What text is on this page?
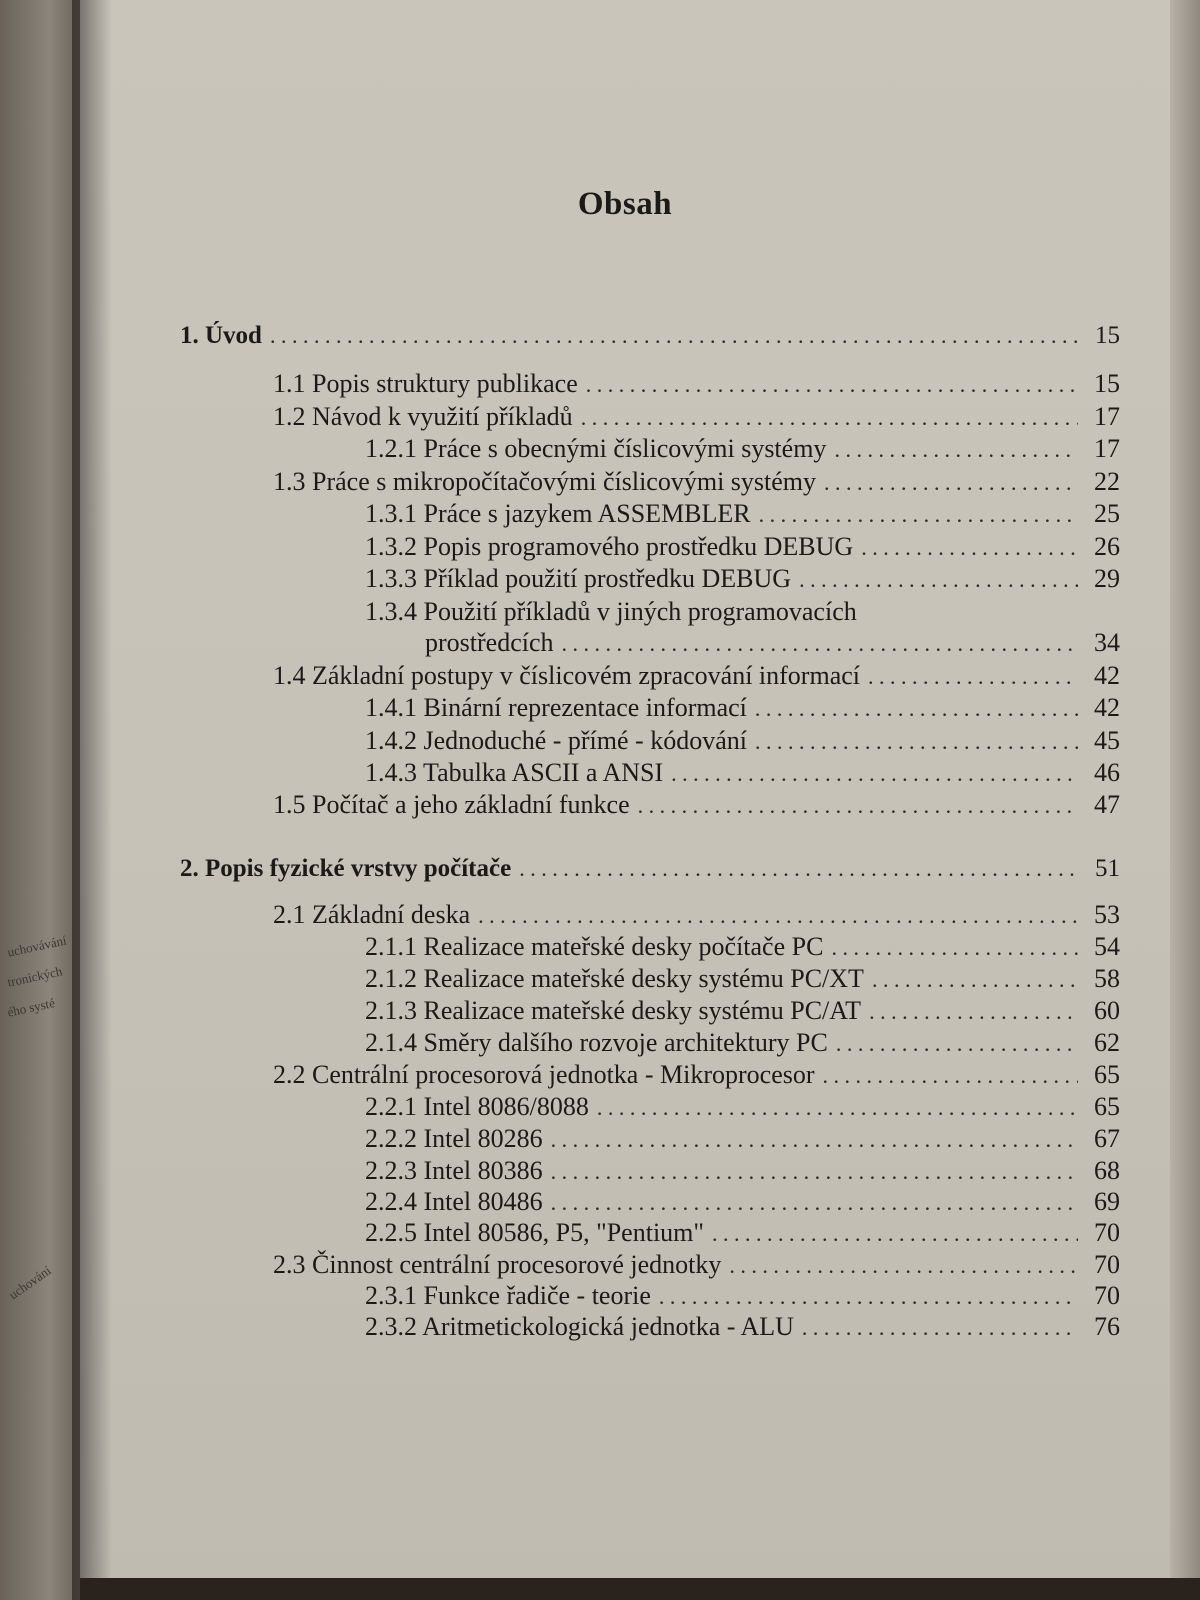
uchovávání
tronických
ého systé
uchování
Obsah
1. Úvod . . .	15
1.1 Popis struktury publikace . . .	15
1.2 Návod k využití příkladů . . .	17
1.2.1 Práce s obecnými číslicovými systémy . . .	17
1.3 Práce s mikropočítačovými číslicovými systémy . . .	22
1.3.1 Práce s jazykem ASSEMBLER . . .	25
1.3.2 Popis programového prostředku DEBUG . . .	26
1.3.3 Příklad použití prostředku DEBUG . . .	29
1.3.4 Použití příkladů v jiných programovacích
prostředcích . . .	34
1.4 Základní postupy v číslicovém zpracování informací . . .	42
1.4.1 Binární reprezentace informací . . .	42
1.4.2 Jednoduché - přímé - kódování . . .	45
1.4.3 Tabulka ASCII a ANSI . . .	46
1.5 Počítač a jeho základní funkce . . .	47
2. Popis fyzické vrstvy počítače . . .	51
2.1 Základní deska . . .	53
2.1.1 Realizace mateřské desky počítače PC . . .	54
2.1.2 Realizace mateřské desky systému PC/XT . . .	58
2.1.3 Realizace mateřské desky systému PC/AT . . .	60
2.1.4 Směry dalšího rozvoje architektury PC . . .	62
2.2 Centrální procesorová jednotka - Mikroprocesor . . .	65
2.2.1 Intel 8086/8088 . . .	65
2.2.2 Intel 80286 . . .	67
2.2.3 Intel 80386 . . .	68
2.2.4 Intel 80486 . . .	69
2.2.5 Intel 80586, P5, "Pentium" . . .	70
2.3 Činnost centrální procesorové jednotky . . .	70
2.3.1 Funkce řadiče - teorie . . .	70
2.3.2 Aritmetickologická jednotka - ALU . . .	76
